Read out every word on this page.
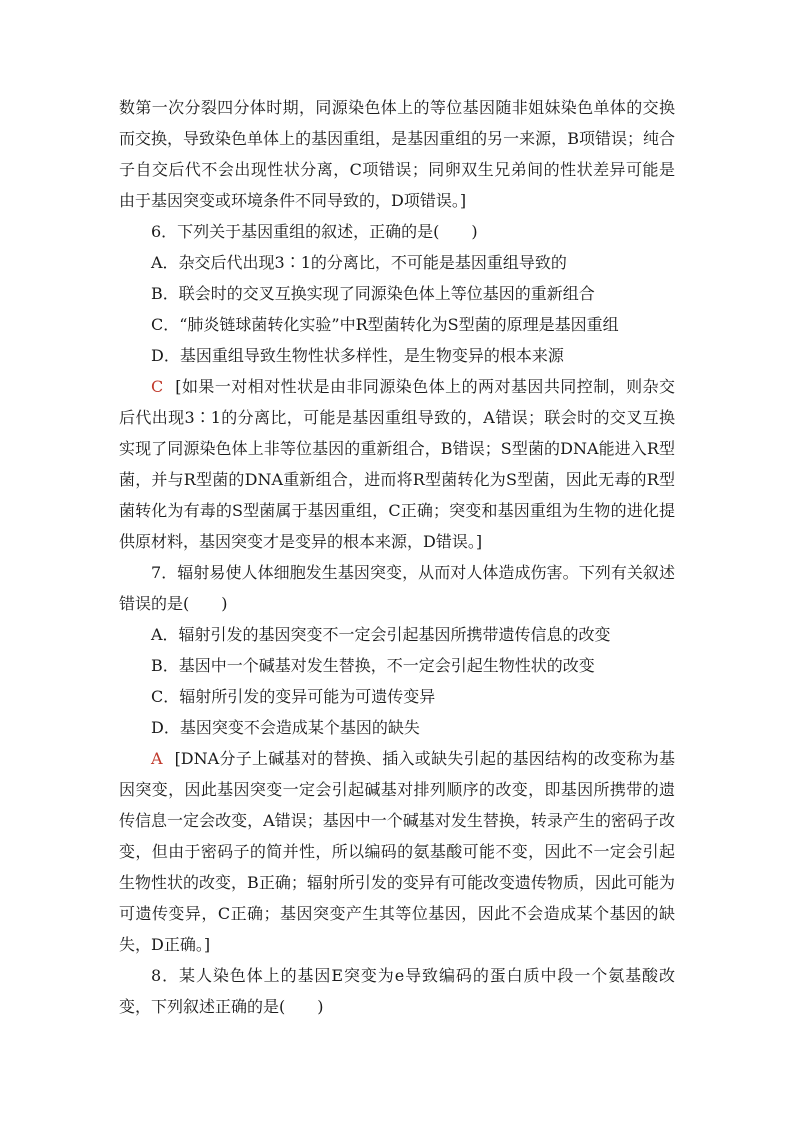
数第一次分裂四分体时期，同源染色体上的等位基因随非姐妹染色单体的交换而交换，导致染色单体上的基因重组，是基因重组的另一来源，B项错误；纯合子自交后代不会出现性状分离，C项错误；同卵双生兄弟间的性状差异可能是由于基因突变或环境条件不同导致的，D项错误。]

6．下列关于基因重组的叙述，正确的是(　　)

A．杂交后代出现3∶1的分离比，不可能是基因重组导致的

B．联会时的交叉互换实现了同源染色体上等位基因的重新组合

C．“肺炎链球菌转化实验”中R型菌转化为S型菌的原理是基因重组

D．基因重组导致生物性状多样性，是生物变异的根本来源

C [如果一对相对性状是由非同源染色体上的两对基因共同控制，则杂交后代出现3∶1的分离比，可能是基因重组导致的，A错误；联会时的交叉互换实现了同源染色体上非等位基因的重新组合，B错误；S型菌的DNA能进入R型菌，并与R型菌的DNA重新组合，进而将R型菌转化为S型菌，因此无毒的R型菌转化为有毒的S型菌属于基因重组，C正确；突变和基因重组为生物的进化提供原材料，基因突变才是变异的根本来源，D错误。]

7．辐射易使人体细胞发生基因突变，从而对人体造成伤害。下列有关叙述错误的是(　　)

A．辐射引发的基因突变不一定会引起基因所携带遗传信息的改变

B．基因中一个碱基对发生替换，不一定会引起生物性状的改变

C．辐射所引发的变异可能为可遗传变异

D．基因突变不会造成某个基因的缺失

A [DNA分子上碱基对的替换、插入或缺失引起的基因结构的改变称为基因突变，因此基因突变一定会引起碱基对排列顺序的改变，即基因所携带的遗传信息一定会改变，A错误；基因中一个碱基对发生替换，转录产生的密码子改变，但由于密码子的简并性，所以编码的氨基酸可能不变，因此不一定会引起生物性状的改变，B正确；辐射所引发的变异有可能改变遗传物质，因此可能为可遗传变异，C正确；基因突变产生其等位基因，因此不会造成某个基因的缺失，D正确。]

8．某人染色体上的基因E突变为e导致编码的蛋白质中段一个氨基酸改变，下列叙述正确的是(　　)
